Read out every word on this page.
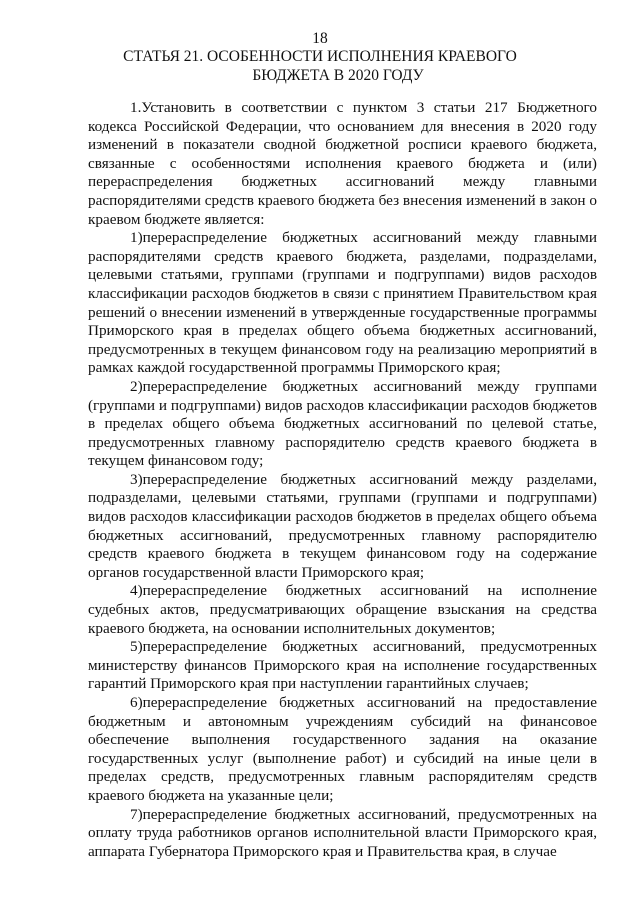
18
СТАТЬЯ 21. ОСОБЕННОСТИ ИСПОЛНЕНИЯ КРАЕВОГО
БЮДЖЕТА В 2020 ГОДУ

1.Установить в соответствии с пунктом 3 статьи 217 Бюджетного кодекса Российской Федерации, что основанием для внесения в 2020 году изменений в показатели сводной бюджетной росписи краевого бюджета, связанные с особенностями исполнения краевого бюджета и (или) перераспределения бюджетных ассигнований между главными распорядителями средств краевого бюджета без внесения изменений в закон о краевом бюджете является:

1)перераспределение бюджетных ассигнований между главными распорядителями средств краевого бюджета, разделами, подразделами, целевыми статьями, группами (группами и подгруппами) видов расходов классификации расходов бюджетов в связи с принятием Правительством края решений о внесении изменений в утвержденные государственные программы Приморского края в пределах общего объема бюджетных ассигнований, предусмотренных в текущем финансовом году на реализацию мероприятий в рамках каждой государственной программы Приморского края;

2)перераспределение бюджетных ассигнований между группами (группами и подгруппами) видов расходов классификации расходов бюджетов в пределах общего объема бюджетных ассигнований по целевой статье, предусмотренных главному распорядителю средств краевого бюджета в текущем финансовом году;

3)перераспределение бюджетных ассигнований между разделами, подразделами, целевыми статьями, группами (группами и подгруппами) видов расходов классификации расходов бюджетов в пределах общего объема бюджетных ассигнований, предусмотренных главному распорядителю средств краевого бюджета в текущем финансовом году на содержание органов государственной власти Приморского края;

4)перераспределение бюджетных ассигнований на исполнение судебных актов, предусматривающих обращение взыскания на средства краевого бюджета, на основании исполнительных документов;

5)перераспределение бюджетных ассигнований, предусмотренных министерству финансов Приморского края на исполнение государственных гарантий Приморского края при наступлении гарантийных случаев;

6)перераспределение бюджетных ассигнований на предоставление бюджетным и автономным учреждениям субсидий на финансовое обеспечение выполнения государственного задания на оказание государственных услуг (выполнение работ) и субсидий на иные цели в пределах средств, предусмотренных главным распорядителям средств краевого бюджета на указанные цели;

7)перераспределение бюджетных ассигнований, предусмотренных на оплату труда работников органов исполнительной власти Приморского края, аппарата Губернатора Приморского края и Правительства края, в случае
